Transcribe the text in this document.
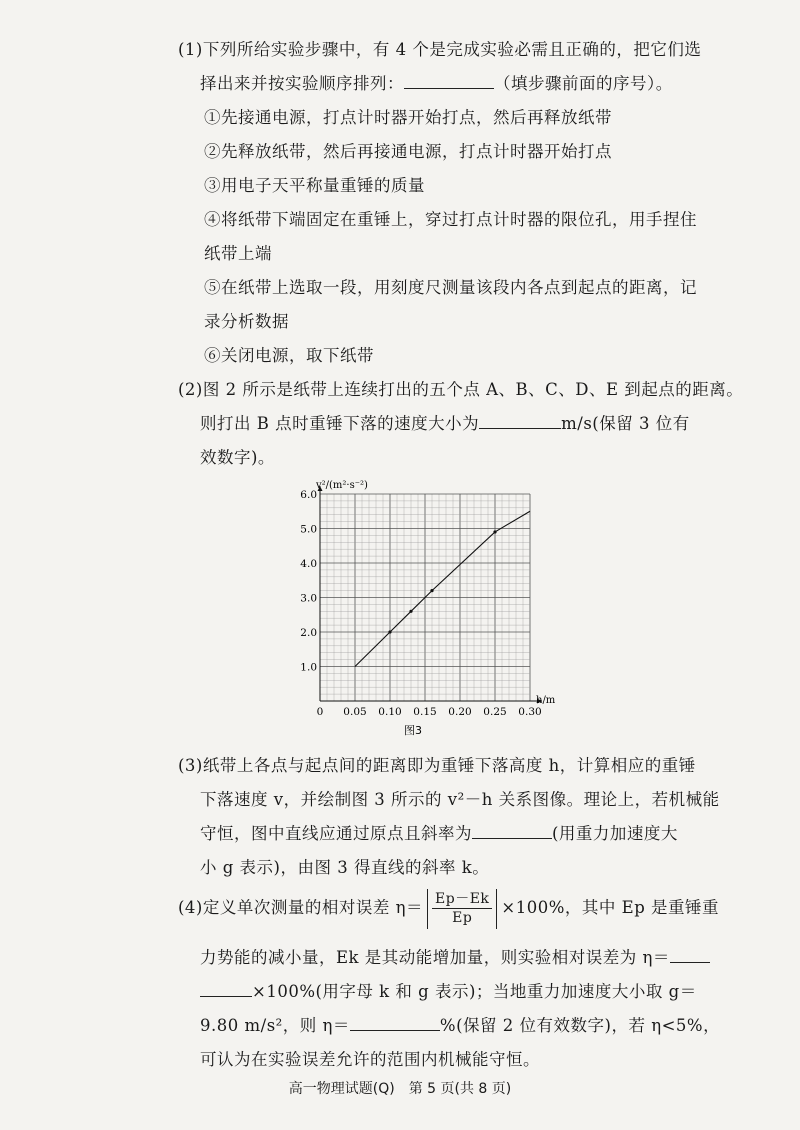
(1)下列所给实验步骤中，有 4 个是完成实验必需且正确的，把它们选
择出来并按实验顺序排列：	（填步骤前面的序号）。
①先接通电源，打点计时器开始打点，然后再释放纸带
②先释放纸带，然后再接通电源，打点计时器开始打点
③用电子天平称量重锤的质量
④将纸带下端固定在重锤上，穿过打点计时器的限位孔，用手捏住
纸带上端
⑤在纸带上选取一段，用刻度尺测量该段内各点到起点的距离，记
录分析数据
⑥关闭电源，取下纸带
(2)图 2 所示是纸带上连续打出的五个点 A、B、C、D、E 到起点的距离。
则打出 B 点时重锤下落的速度大小为	m/s(保留 3 位有
效数字)。
0 0.05 0.10 0.15 0.20 0.25 0.30
1.0
2.0
3.0
4.0
5.0
6.0
v²/(m²·s⁻²)
h/m
图3
(3)纸带上各点与起点间的距离即为重锤下落高度 h，计算相应的重锤
下落速度 v，并绘制图 3 所示的 v²－h 关系图像。理论上，若机械能
守恒，图中直线应通过原点且斜率为	(用重力加速度大
小 g 表示)，由图 3 得直线的斜率 k。
(4)定义单次测量的相对误差 $\eta= \frac{Ep-Ek}{Ep} \times 100\%$，其中 Ep 是重锤重
力势能的减小量，Ek 是其动能增加量，则实验相对误差为 η＝
×100%(用字母 k 和 g 表示)；当地重力加速度大小取 g＝
9.80 m/s²，则 η＝	%(保留 2 位有效数字)，若 η<5%，
可认为在实验误差允许的范围内机械能守恒。
高一物理试题(Q)　第 5 页(共 8 页)
